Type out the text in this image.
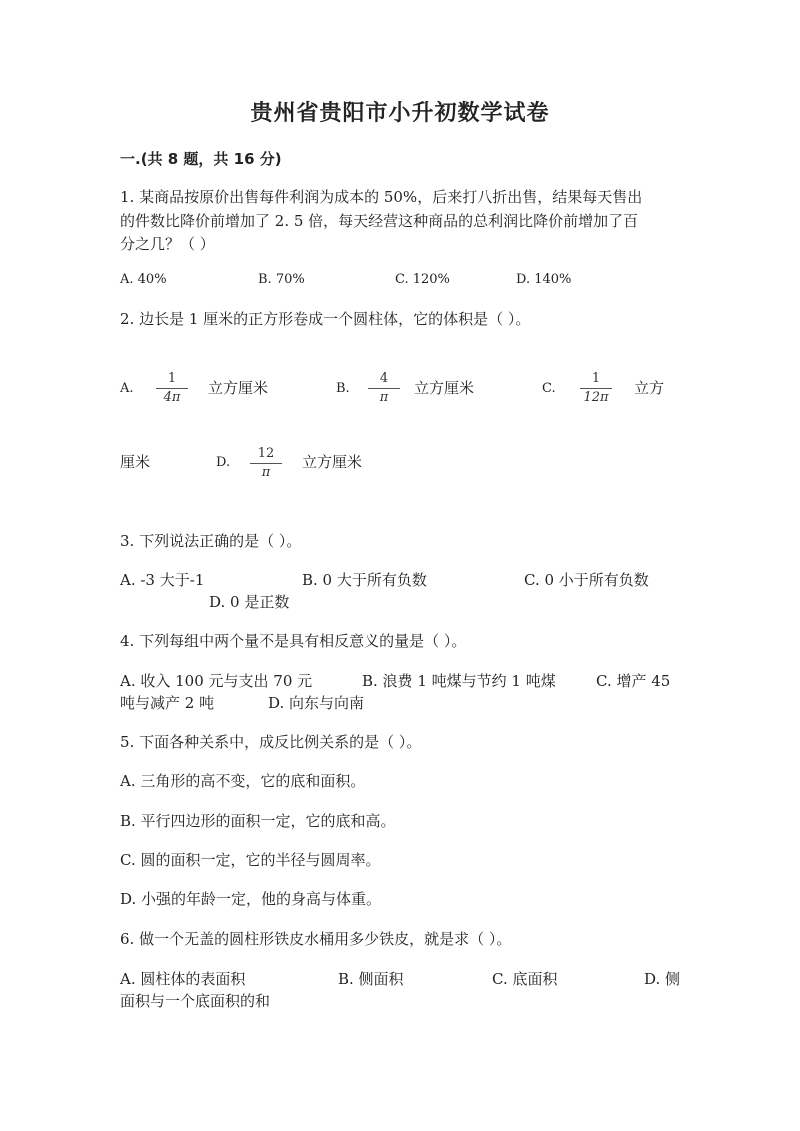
贵州省贵阳市小升初数学试卷
一.(共 8 题，共 16 分)
1. 某商品按原价出售每件利润为成本的 50%，后来打八折出售，结果每天售出
的件数比降价前增加了 2. 5 倍，每天经营这种商品的总利润比降价前增加了百
分之几？（ ）
A. 40%	B. 70%	C. 120%	D. 140%
2. 边长是 1 厘米的正方形卷成一个圆柱体，它的体积是（ ）。
A.
1
4π
立方厘米	B.
4
π
立方厘米	C.
1
12π
立方
厘米	D.
12
π
立方厘米
3. 下列说法正确的是（ ）。
A. -3 大于-1	B. 0 大于所有负数	C. 0 小于所有负数
D. 0 是正数
4. 下列每组中两个量不是具有相反意义的量是（ ）。
A. 收入 100 元与支出 70 元	B. 浪费 1 吨煤与节约 1 吨煤	C. 增产 45
吨与减产 2 吨	D. 向东与向南
5. 下面各种关系中，成反比例关系的是（ ）。
A. 三角形的高不变，它的底和面积。
B. 平行四边形的面积一定，它的底和高。
C. 圆的面积一定，它的半径与圆周率。
D. 小强的年龄一定，他的身高与体重。
6. 做一个无盖的圆柱形铁皮水桶用多少铁皮，就是求（ ）。
A. 圆柱体的表面积	B. 侧面积	C. 底面积	D. 侧
面积与一个底面积的和
